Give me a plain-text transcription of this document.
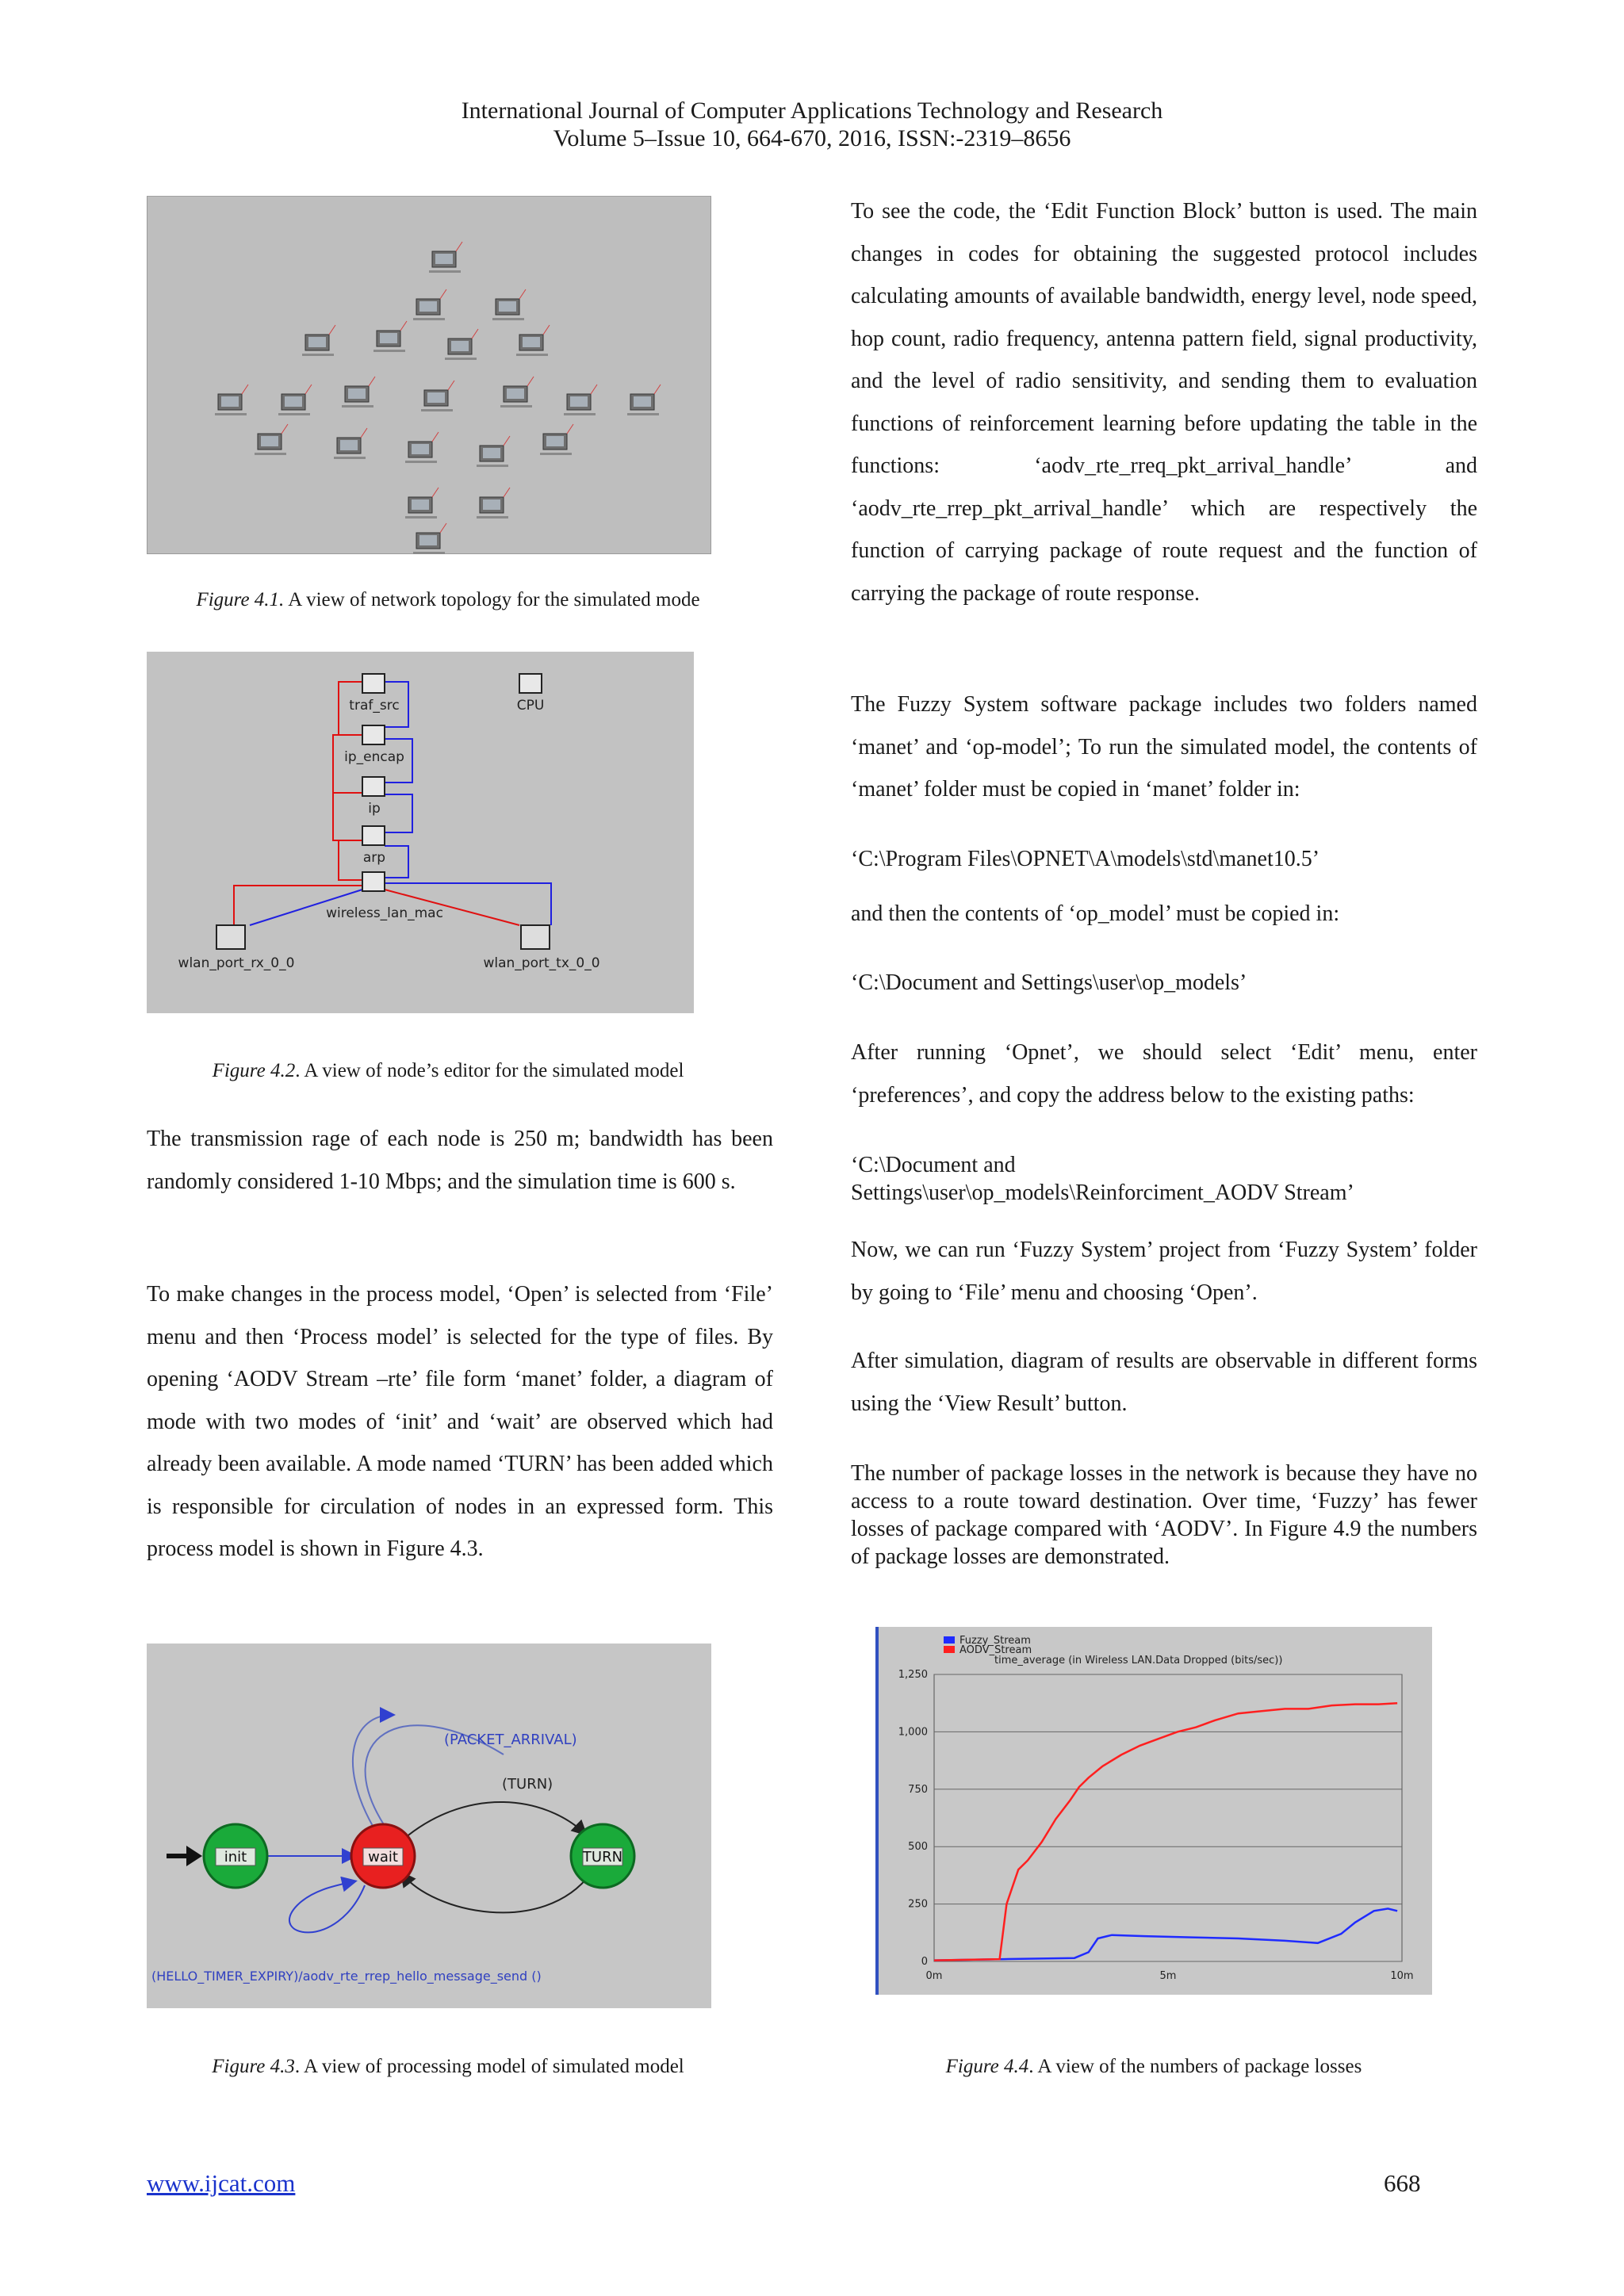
International Journal of Computer Applications Technology and Research
Volume 5–Issue 10, 664-670, 2016, ISSN:-2319–8656
Figure 4.1. A view of network topology for the simulated mode
traf_src
ip_encap
ip
arp
wireless_lan_mac
CPU
wlan_port_rx_0_0	wlan_port_tx_0_0
Figure 4.2. A view of node’s editor for the simulated model

The transmission rage of each node is 250 m; bandwidth has been randomly considered 1-10 Mbps; and the simulation time is 600 s.

To make changes in the process model, ‘Open’ is selected from ‘File’ menu and then ‘Process model’ is selected for the type of files. By opening ‘AODV Stream –rte’ file form ‘manet’ folder, a diagram of mode with two modes of ‘init’ and ‘wait’ are observed which had already been available. A mode named ‘TURN’ has been added which is responsible for circulation of nodes in an expressed form. This process model is shown in Figure 4.3.

init	wait	TURN
(PACKET_ARRIVAL)
(TURN)
(HELLO_TIMER_EXPIRY)/aodv_rte_rrep_hello_message_send ()
Figure 4.3. A view of processing model of simulated model

To see the code, the ‘Edit Function Block’ button is used. The main changes in codes for obtaining the suggested protocol includes calculating amounts of available bandwidth, energy level, node speed, hop count, radio frequency, antenna pattern field, signal productivity, and the level of radio sensitivity, and sending them to evaluation functions of reinforcement learning before updating the table in the functions: ‘aodv_rte_rreq_pkt_arrival_handle’ and ‘aodv_rte_rrep_pkt_arrival_handle’ which are respectively the function of carrying package of route request and the function of carrying the package of route response.

The Fuzzy System software package includes two folders named ‘manet’ and ‘op-model’; To run the simulated model, the contents of ‘manet’ folder must be copied in ‘manet’ folder in:

‘C:\Program Files\OPNET\A\models\std\manet10.5’

and then the contents of ‘op_model’ must be copied in:

‘C:\Document and Settings\user\op_models’

After running ‘Opnet’, we should select ‘Edit’ menu, enter ‘preferences’, and copy the address below to the existing paths:

‘C:\Document and
Settings\user\op_models\Reinforciment_AODV Stream’

Now, we can run ‘Fuzzy System’ project from ‘Fuzzy System’ folder by going to ‘File’ menu and choosing ‘Open’.

After simulation, diagram of results are observable in different forms using the ‘View Result’ button.

The number of package losses in the network is because they have no access to a route toward destination. Over time, ‘Fuzzy’ has fewer losses of package compared with ‘AODV’. In Figure 4.9 the numbers of package losses are demonstrated.

Fuzzy_Stream
AODV_Stream
time_average (in Wireless LAN.Data Dropped (bits/sec))
0
250
500
750
1,000
1,250
0m	5m	10m
Figure 4.4. A view of the numbers of package losses
www.ijcat.com	668
